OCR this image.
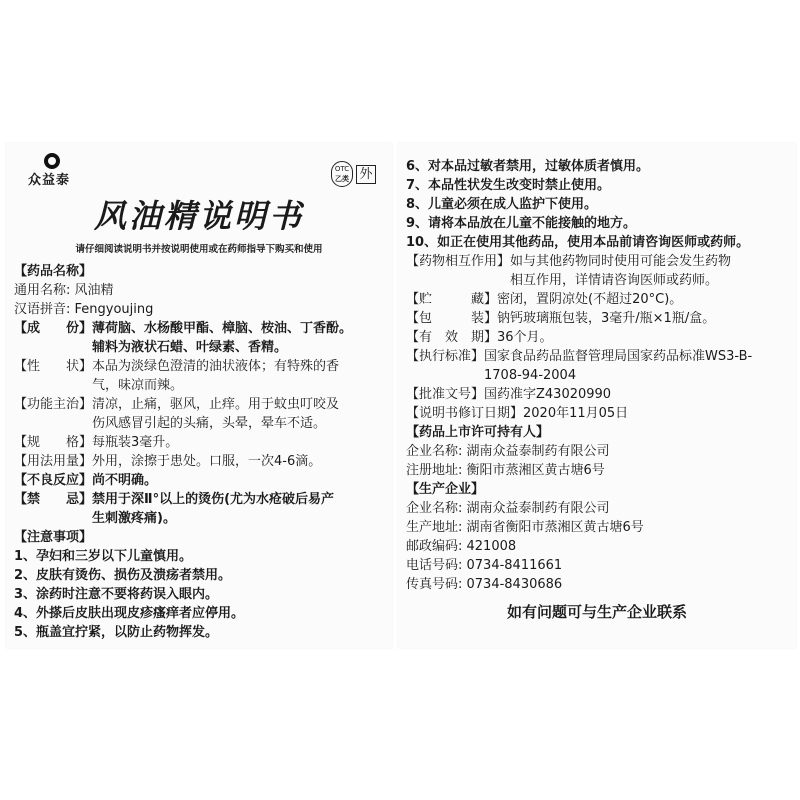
众益泰
OTC
乙类 外
风油精说明书
请仔细阅读说明书并按说明使用或在药师指导下购买和使用
【药品名称】
通用名称: 风油精
汉语拼音: Fengyoujing
【成　　份】薄荷脑、水杨酸甲酯、樟脑、桉油、丁香酚。
　　　　　　辅料为液状石蜡、叶绿素、香精。
【性　　状】本品为淡绿色澄清的油状液体；有特殊的香
　　　　　　气，味凉而辣。
【功能主治】清凉，止痛，驱风，止痒。用于蚊虫叮咬及
　　　　　　伤风感冒引起的头痛，头晕，晕车不适。
【规　　格】每瓶装3毫升。
【用法用量】外用，涂擦于患处。口服，一次4-6滴。
【不良反应】尚不明确。
【禁　　忌】禁用于深Ⅱ°以上的烫伤(尤为水疮破后易产
　　　　　　生刺激疼痛)。
【注意事项】
1、孕妇和三岁以下儿童慎用。
2、皮肤有烫伤、损伤及溃疡者禁用。
3、涂药时注意不要将药误入眼内。
4、外搽后皮肤出现皮疹瘙痒者应停用。
5、瓶盖宜拧紧，以防止药物挥发。
如有问题可与生产企业联系
6、对本品过敏者禁用，过敏体质者慎用。
7、本品性状发生改变时禁止使用。
8、儿童必须在成人监护下使用。
9、请将本品放在儿童不能接触的地方。
10、如正在使用其他药品，使用本品前请咨询医师或药师。
【药物相互作用】如与其他药物同时使用可能会发生药物
　　　　　　　　相互作用，详情请咨询医师或药师。
【贮　　　藏】密闭，置阴凉处(不超过20°C)。
【包　　　装】钠钙玻璃瓶包装，3毫升/瓶×1瓶/盒。
【有　效　期】36个月。
【执行标准】国家食品药品监督管理局国家药品标准WS3-B-
　　　　　　1708-94-2004
【批准文号】国药准字Z43020990
【说明书修订日期】2020年11月05日
【药品上市许可持有人】
企业名称: 湖南众益泰制药有限公司
注册地址: 衡阳市蒸湘区黄古塘6号
【生产企业】
企业名称: 湖南众益泰制药有限公司
生产地址: 湖南省衡阳市蒸湘区黄古塘6号
邮政编码: 421008
电话号码: 0734-8411661
传真号码: 0734-8430686
